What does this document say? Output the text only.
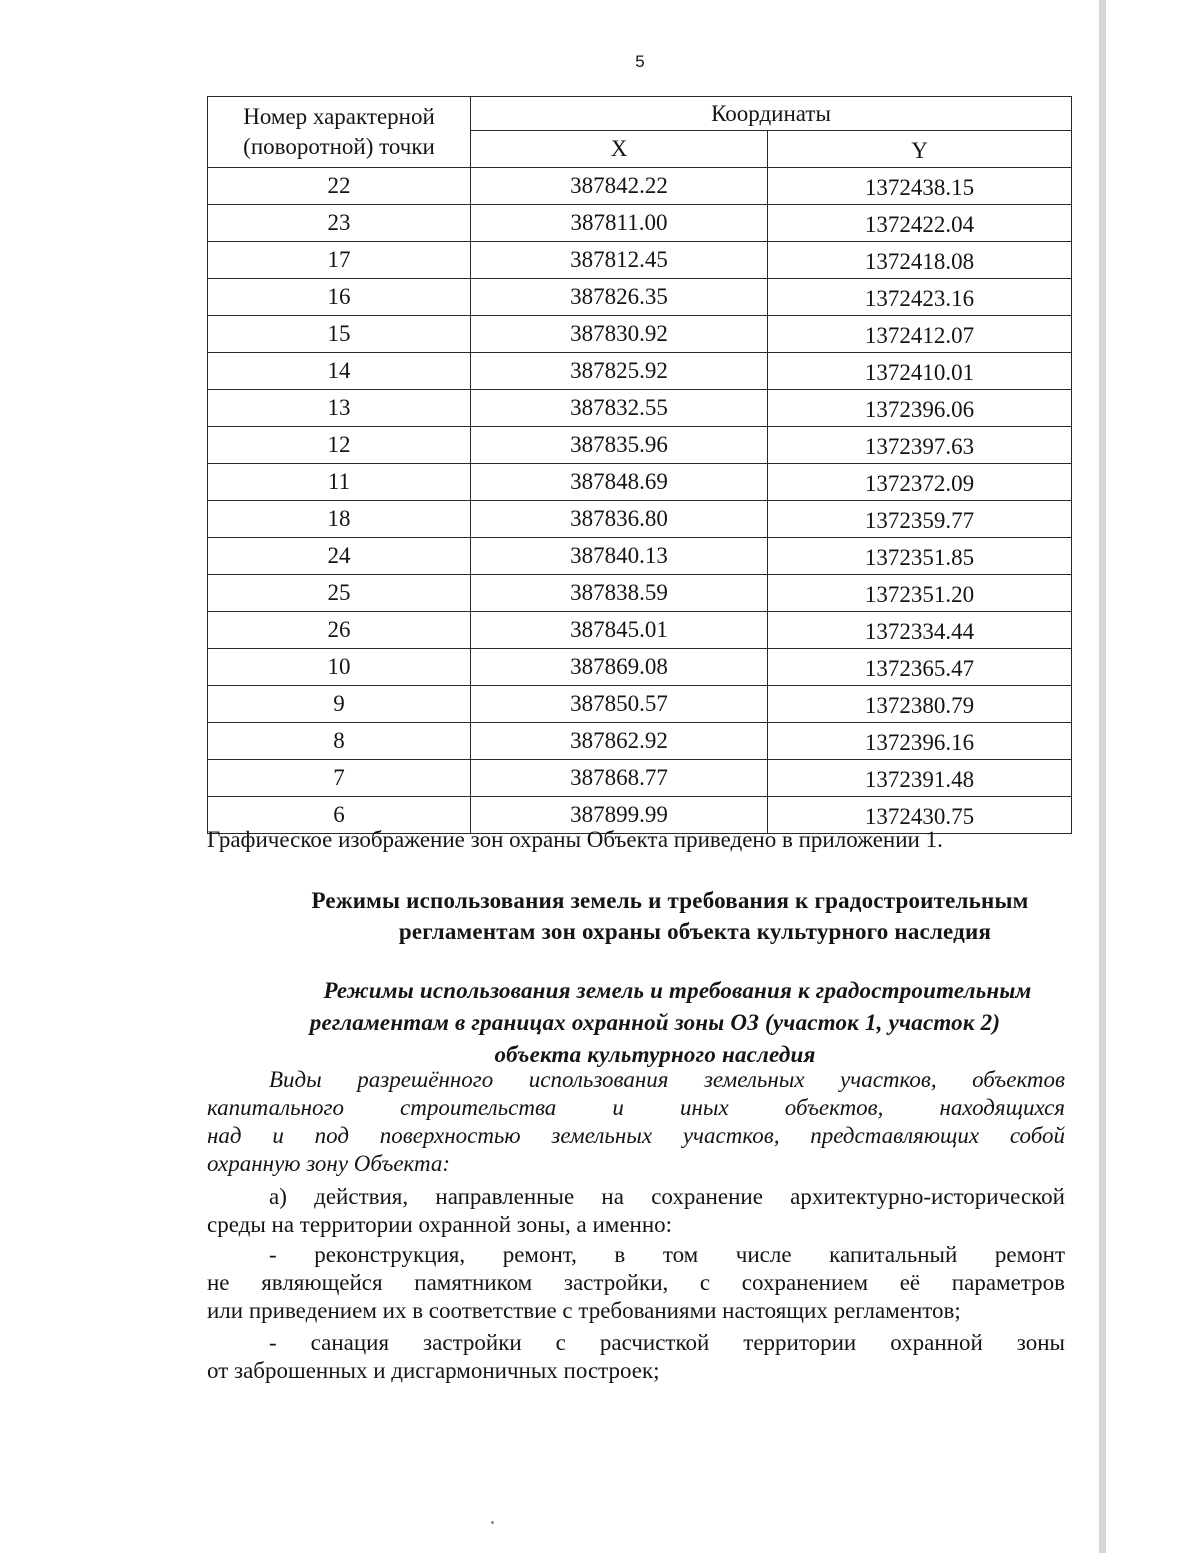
5
Номер характерной
(поворотной) точки	Координаты	
	X	Y
22	387842.22	1372438.15
23	387811.00	1372422.04
17	387812.45	1372418.08
16	387826.35	1372423.16
15	387830.92	1372412.07
14	387825.92	1372410.01
13	387832.55	1372396.06
12	387835.96	1372397.63
11	387848.69	1372372.09
18	387836.80	1372359.77
24	387840.13	1372351.85
25	387838.59	1372351.20
26	387845.01	1372334.44
10	387869.08	1372365.47
9	387850.57	1372380.79
8	387862.92	1372396.16
7	387868.77	1372391.48
6	387899.99	1372430.75

Графическое изображение зон охраны Объекта приведено в приложении 1.

Режимы использования земель и требования к градостроительным
регламентам зон охраны объекта культурного наследия
Режимы использования земель и требования к градостроительным
регламентам в границах охранной зоны ОЗ (участок 1, участок 2)
объекта культурного наследия
Виды разрешённого использования земельных участков, объектов
капитального строительства и иных объектов, находящихся
над и под поверхностью земельных участков, представляющих собой
охранную зону Объекта:
а) действия, направленные на сохранение архитектурно-исторической
среды на территории охранной зоны, а именно:
- реконструкция, ремонт, в том числе капитальный ремонт
не являющейся памятником застройки, с сохранением её параметров
или приведением их в соответствие с требованиями настоящих регламентов;
- санация застройки с расчисткой территории охранной зоны
от заброшенных и дисгармоничных построек;
